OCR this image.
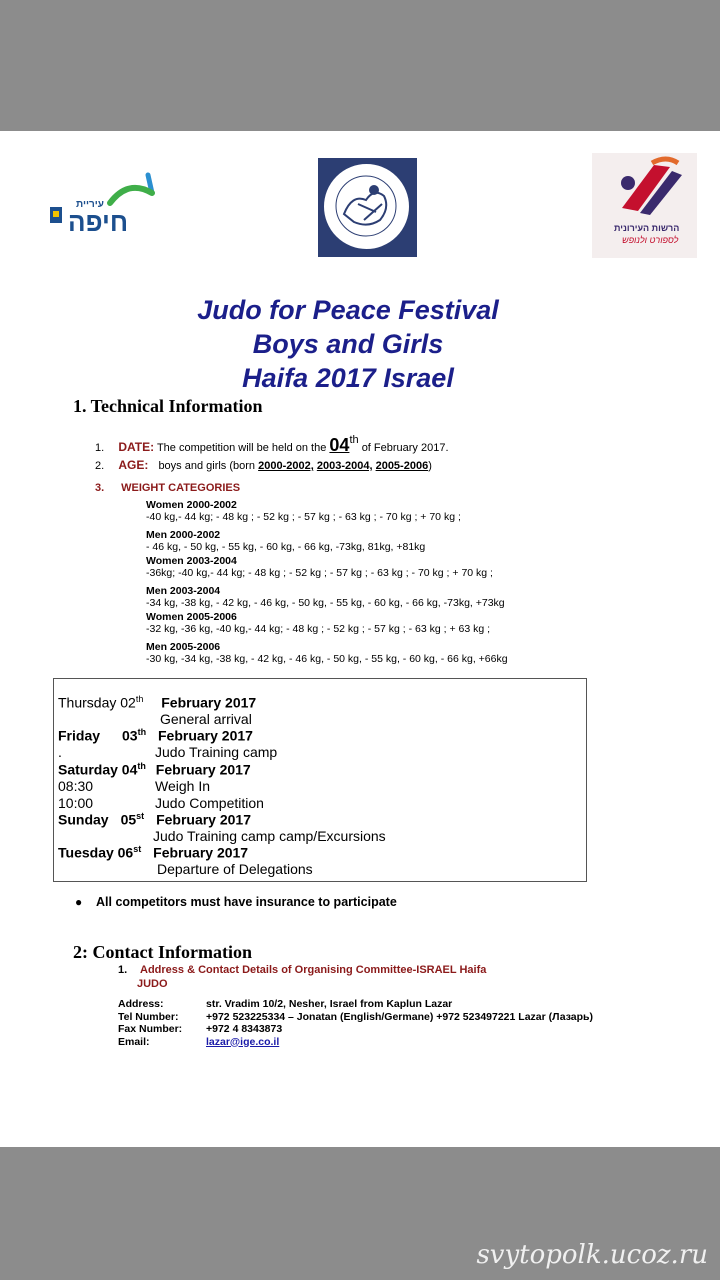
עיריית
חיפה	הרשות העירונית
לספורט ולנופש
Judo for Peace Festival
Boys and Girls
Haifa 2017 Israel
1. Technical Information
1. DATE: The competition will be held on the 04th of February 2017.
2. AGE: boys and girls (born 2000-2002, 2003-2004, 2005-2006)
3. WEIGHT CATEGORIES
Women 2000-2002
-40 kg,- 44 kg; - 48 kg ; - 52 kg ; - 57 kg ; - 63 kg ; - 70 kg ; + 70 kg ;
Men 2000-2002
- 46 kg, - 50 kg, - 55 kg, - 60 kg, - 66 kg, -73kg, 81kg, +81kg
Women 2003-2004
-36kg; -40 kg,- 44 kg; - 48 kg ; - 52 kg ; - 57 kg ; - 63 kg ; - 70 kg ; + 70 kg ;
Men 2003-2004
-34 kg, -38 kg, - 42 kg, - 46 kg, - 50 kg, - 55 kg, - 60 kg, - 66 kg, -73kg, +73kg
Women 2005-2006
-32 kg, -36 kg, -40 kg,- 44 kg; - 48 kg ; - 52 kg ; - 57 kg ; - 63 kg ; + 63 kg ;
Men 2005-2006
-30 kg, -34 kg, -38 kg, - 42 kg, - 46 kg, - 50 kg, - 55 kg, - 60 kg, - 66 kg, +66kg
Thursday 02th February 2017
General arrival
Friday 03th February 2017
.	Judo Training camp
Saturday 04th February 2017
08:30	Weigh In
10:00	Judo Competition
Sunday 05st February 2017
Judo Training camp camp/Excursions
Tuesday 06st February 2017
Departure of Delegations
● All competitors must have insurance to participate
2: Contact Information
1. Address & Contact Details of Organising Committee-ISRAEL Haifa
JUDO
Address:	str. Vradim 10/2, Nesher, Israel from Kaplun Lazar
Tel Number:	+972 523225334 – Jonatan (English/Germane) +972 523497221 Lazar (Лазарь)
Fax Number:	+972 4 8343873
Email:	lazar@ige.co.il
svytopolk.ucoz.ru
